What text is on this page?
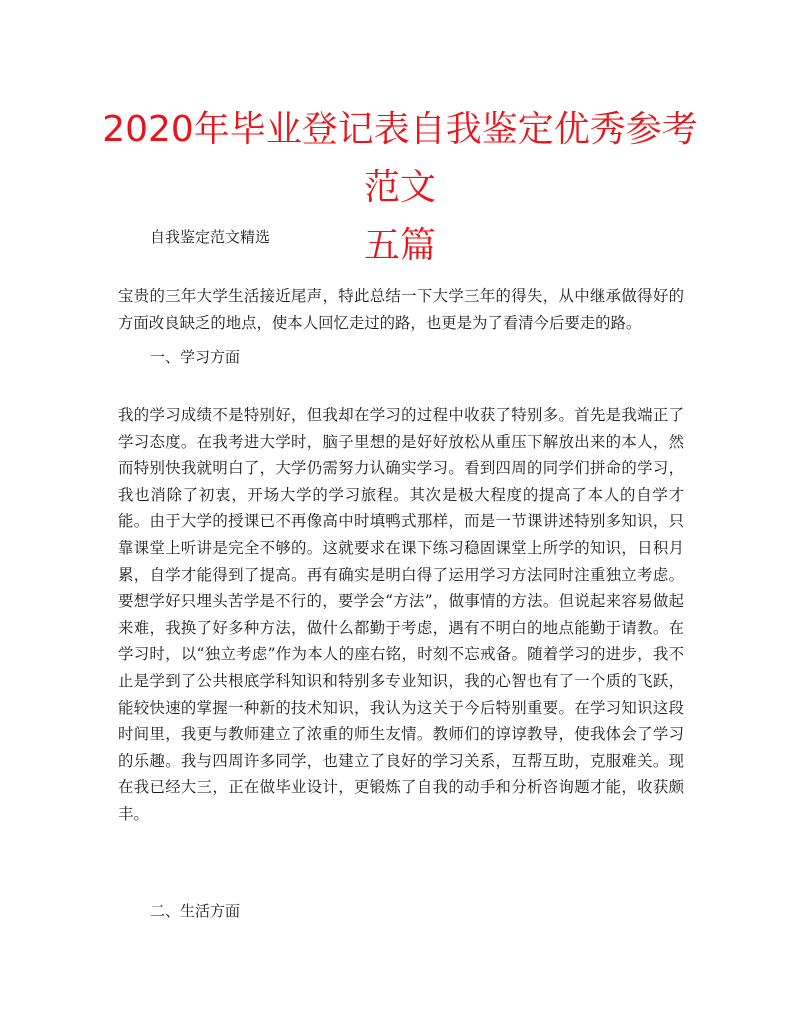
2020年毕业登记表自我鉴定优秀参考范文
五篇

自我鉴定范文精选

宝贵的三年大学生活接近尾声，特此总结一下大学三年的得失，从中继承做得好的方面改良缺乏的地点，使本人回忆走过的路，也更是为了看清今后要走的路。

一、学习方面

我的学习成绩不是特别好，但我却在学习的过程中收获了特别多。首先是我端正了学习态度。在我考进大学时，脑子里想的是好好放松从重压下解放出来的本人，然而特别快我就明白了，大学仍需努力认确实学习。看到四周的同学们拼命的学习，我也消除了初衷，开场大学的学习旅程。其次是极大程度的提高了本人的自学才能。由于大学的授课已不再像高中时填鸭式那样，而是一节课讲述特别多知识，只靠课堂上听讲是完全不够的。这就要求在课下练习稳固课堂上所学的知识，日积月累，自学才能得到了提高。再有确实是明白得了运用学习方法同时注重独立考虑。要想学好只埋头苦学是不行的，要学会“方法”，做事情的方法。但说起来容易做起来难，我换了好多种方法，做什么都勤于考虑，遇有不明白的地点能勤于请教。在学习时，以“独立考虑”作为本人的座右铭，时刻不忘戒备。随着学习的进步，我不止是学到了公共根底学科知识和特别多专业知识，我的心智也有了一个质的飞跃，能较快速的掌握一种新的技术知识，我认为这关于今后特别重要。在学习知识这段时间里，我更与教师建立了浓重的师生友情。教师们的谆谆教导，使我体会了学习的乐趣。我与四周许多同学，也建立了良好的学习关系，互帮互助，克服难关。现在我已经大三，正在做毕业设计，更锻炼了自我的动手和分析咨询题才能，收获颇丰。

二、生活方面
